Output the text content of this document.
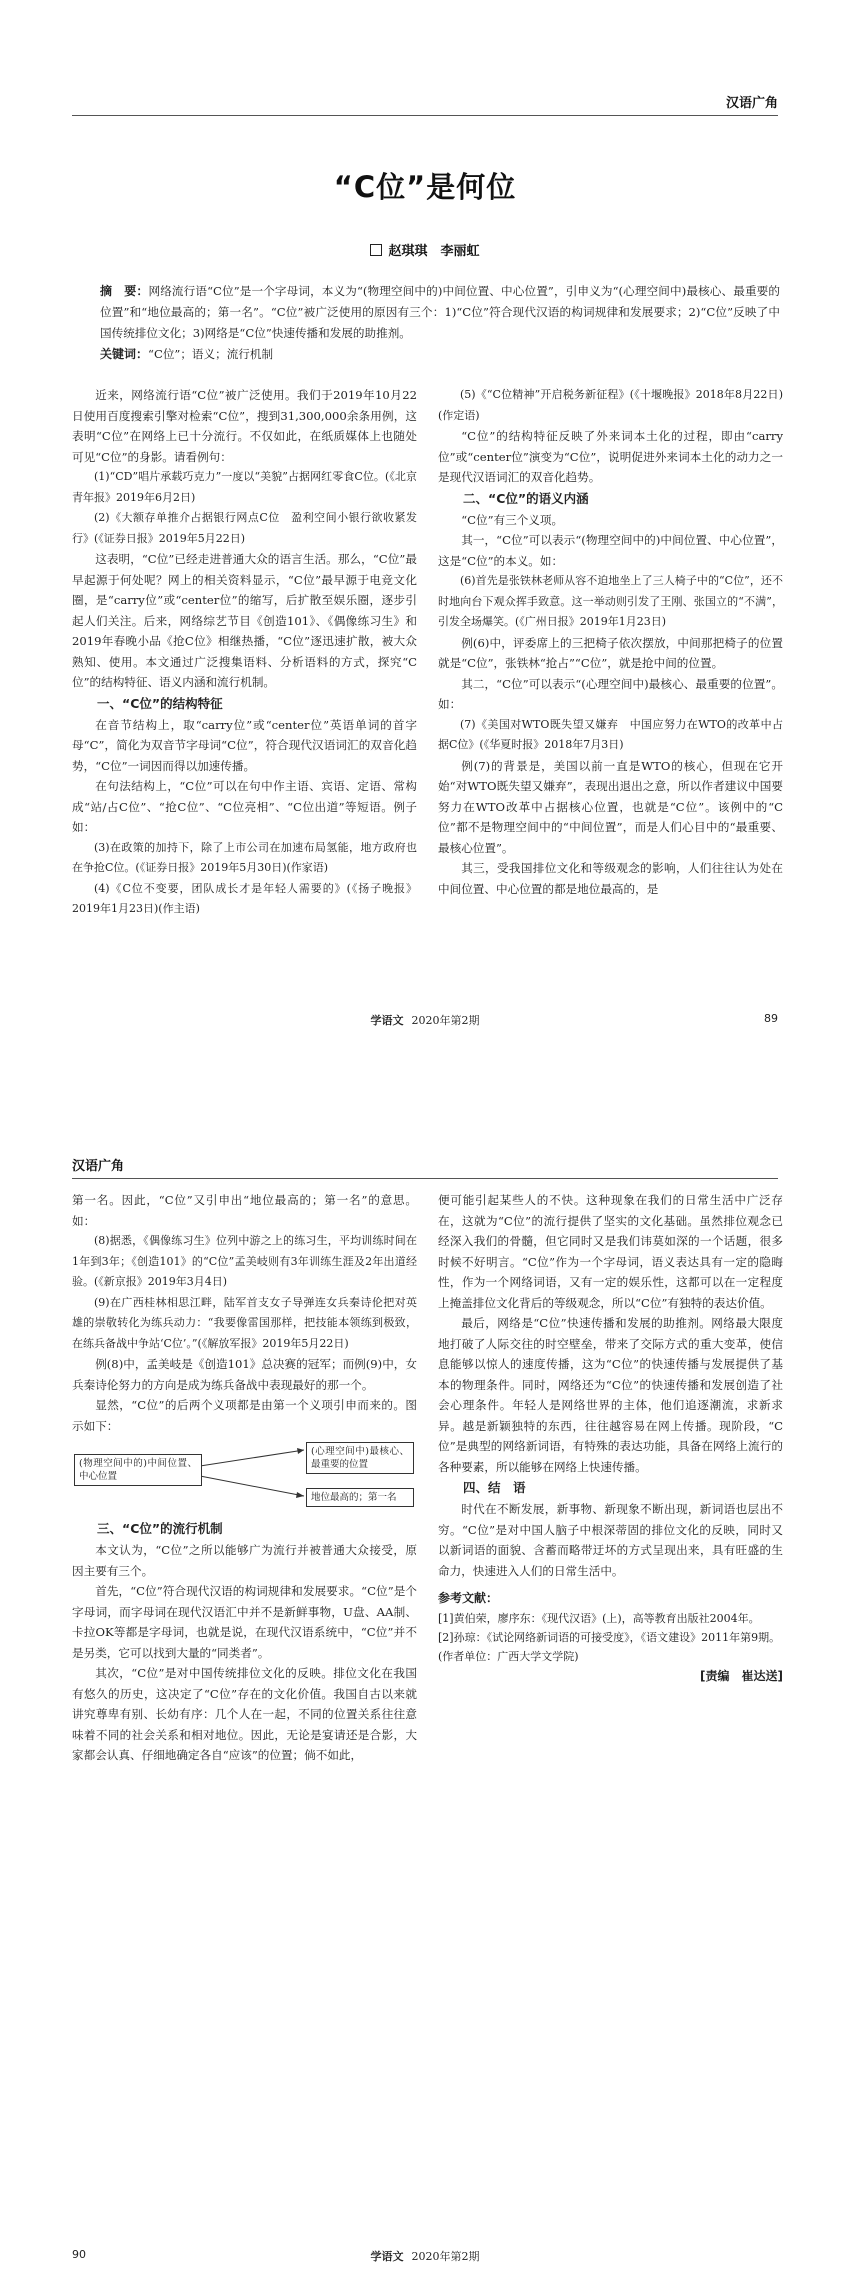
汉语广角
“C位”是何位
赵琪琪　李丽虹
摘　要：网络流行语“C位”是一个字母词，本义为“(物理空间中的)中间位置、中心位置”，引申义为“(心理空间中)最核心、最重要的位置”和“地位最高的；第一名”。“C位”被广泛使用的原因有三个：1)“C位”符合现代汉语的构词规律和发展要求；2)“C位”反映了中国传统排位文化；3)网络是“C位”快速传播和发展的助推剂。
关键词：“C位”；语义；流行机制

近来，网络流行语“C位”被广泛使用。我们于2019年10月22日使用百度搜索引擎对检索“C位”，搜到31,300,000余条用例，这表明“C位”在网络上已十分流行。不仅如此，在纸质媒体上也随处可见“C位”的身影。请看例句：

(1)“CD”唱片承载巧克力”一度以“美貌”占据网红零食C位。(《北京青年报》2019年6月2日)

(2)《大额存单推介占据银行网点C位　盈利空间小银行欲收紧发行》(《证券日报》2019年5月22日)

这表明，“C位”已经走进普通大众的语言生活。那么，“C位”最早起源于何处呢？网上的相关资料显示，“C位”最早源于电竞文化圈，是“carry位”或“center位”的缩写，后扩散至娱乐圈，逐步引起人们关注。后来，网络综艺节目《创造101》、《偶像练习生》和2019年春晚小品《抢C位》相继热播，“C位”逐迅速扩散，被大众熟知、使用。本文通过广泛搜集语料、分析语料的方式，探究“C位”的结构特征、语义内涵和流行机制。

一、“C位”的结构特征

在音节结构上，取“carry位”或“center位”英语单词的首字母“C”，简化为双音节字母词“C位”，符合现代汉语词汇的双音化趋势，“C位”一词因而得以加速传播。

在句法结构上，“C位”可以在句中作主语、宾语、定语、常构成“站/占C位”、“抢C位”、“C位亮相”、“C位出道”等短语。例子如：

(3)在政策的加持下，除了上市公司在加速布局氢能，地方政府也在争抢C位。(《证券日报》2019年5月30日)(作家语)

(4)《C位不变要，团队成长才是年轻人需要的》(《扬子晚报》2019年1月23日)(作主语)

(5)《“C位精神”开启税务新征程》(《十堰晚报》2018年8月22日)(作定语)

“C位”的结构特征反映了外来词本土化的过程，即由“carry位”或“center位”演变为“C位”，说明促进外来词本土化的动力之一是现代汉语词汇的双音化趋势。

二、“C位”的语义内涵

“C位”有三个义项。

其一，“C位”可以表示“(物理空间中的)中间位置、中心位置”，这是“C位”的本义。如：

(6)首先是张铁林老师从容不迫地坐上了三人椅子中的“C位”，还不时地向台下观众挥手致意。这一举动则引发了王刚、张国立的“不满”，引发全场爆笑。(《广州日报》2019年1月23日)

例(6)中，评委席上的三把椅子依次摆放，中间那把椅子的位置就是“C位”，张铁林“抢占”“C位”，就是抢中间的位置。

其二，“C位”可以表示“(心理空间中)最核心、最重要的位置”。如：

(7)《美国对WTO既失望又嫌弃　中国应努力在WTO的改革中占据C位》(《华夏时报》2018年7月3日)

例(7)的背景是，美国以前一直是WTO的核心，但现在它开始“对WTO既失望又嫌弃”，表现出退出之意，所以作者建议中国要努力在WTO改革中占据核心位置，也就是“C位”。该例中的“C位”都不是物理空间中的“中间位置”，而是人们心目中的“最重要、最核心位置”。

其三，受我国排位文化和等级观念的影响，人们往往认为处在中间位置、中心位置的都是地位最高的，是

学语文 2020年第2期	89
汉语广角

第一名。因此，“C位”又引申出“地位最高的；第一名”的意思。如：

(8)据悉，《偶像练习生》位列中游之上的练习生，平均训练时间在1年到3年；《创造101》的“C位”孟美岐则有3年训练生涯及2年出道经验。(《新京报》2019年3月4日)

(9)在广西桂林相思江畔，陆军首支女子导弹连女兵秦诗伦把对英雄的崇敬转化为练兵动力：“我要像雷国那样，把技能本领练到极致，在练兵备战中争站‘C位’。”(《解放军报》2019年5月22日)

例(8)中，孟美岐是《创造101》总决赛的冠军；而例(9)中，女兵秦诗伦努力的方向是成为练兵备战中表现最好的那一个。

显然，“C位”的后两个义项都是由第一个义项引申而来的。图示如下：

(物理空间中的)中间位置、中心位置
(心理空间中)最核心、最重要的位置
地位最高的；第一名
三、“C位”的流行机制

本文认为，“C位”之所以能够广为流行并被普通大众接受，原因主要有三个。

首先，“C位”符合现代汉语的构词规律和发展要求。“C位”是个字母词，而字母词在现代汉语汇中并不是新鲜事物，U盘、AA制、卡拉OK等都是字母词，也就是说，在现代汉语系统中，“C位”并不是另类，它可以找到大量的“同类者”。

其次，“C位”是对中国传统排位文化的反映。排位文化在我国有悠久的历史，这决定了“C位”存在的文化价值。我国自古以来就讲究尊卑有别、长幼有序：几个人在一起，不同的位置关系往往意味着不同的社会关系和相对地位。因此，无论是宴请还是合影，大家都会认真、仔细地确定各自“应该”的位置；倘不如此，

便可能引起某些人的不快。这种现象在我们的日常生活中广泛存在，这就为“C位”的流行提供了坚实的文化基础。虽然排位观念已经深入我们的骨髓，但它同时又是我们讳莫如深的一个话题，很多时候不好明言。“C位”作为一个字母词，语义表达具有一定的隐晦性，作为一个网络词语，又有一定的娱乐性，这都可以在一定程度上掩盖排位文化背后的等级观念，所以“C位”有独特的表达价值。

最后，网络是“C位”快速传播和发展的助推剂。网络最大限度地打破了人际交往的时空壁垒，带来了交际方式的重大变革，使信息能够以惊人的速度传播，这为“C位”的快速传播与发展提供了基本的物理条件。同时，网络还为“C位”的快速传播和发展创造了社会心理条件。年轻人是网络世界的主体，他们追逐潮流，求新求异。越是新颖独特的东西，往往越容易在网上传播。现阶段，“C位”是典型的网络新词语，有特殊的表达功能，具备在网络上流行的各种要素，所以能够在网络上快速传播。

四、结　语

时代在不断发展，新事物、新现象不断出现，新词语也层出不穷。“C位”是对中国人脑子中根深蒂固的排位文化的反映，同时又以新词语的面貌、含蓄而略带迂坏的方式呈现出来，具有旺盛的生命力，快速进入人们的日常生活中。

参考文献：

[1]黄伯荣，廖序东：《现代汉语》(上)，高等教育出版社2004年。

[2]孙琼：《试论网络新词语的可接受度》，《语文建设》2011年第9期。

(作者单位：广西大学文学院)

[责编　崔达送]
90	学语文 2020年第2期
